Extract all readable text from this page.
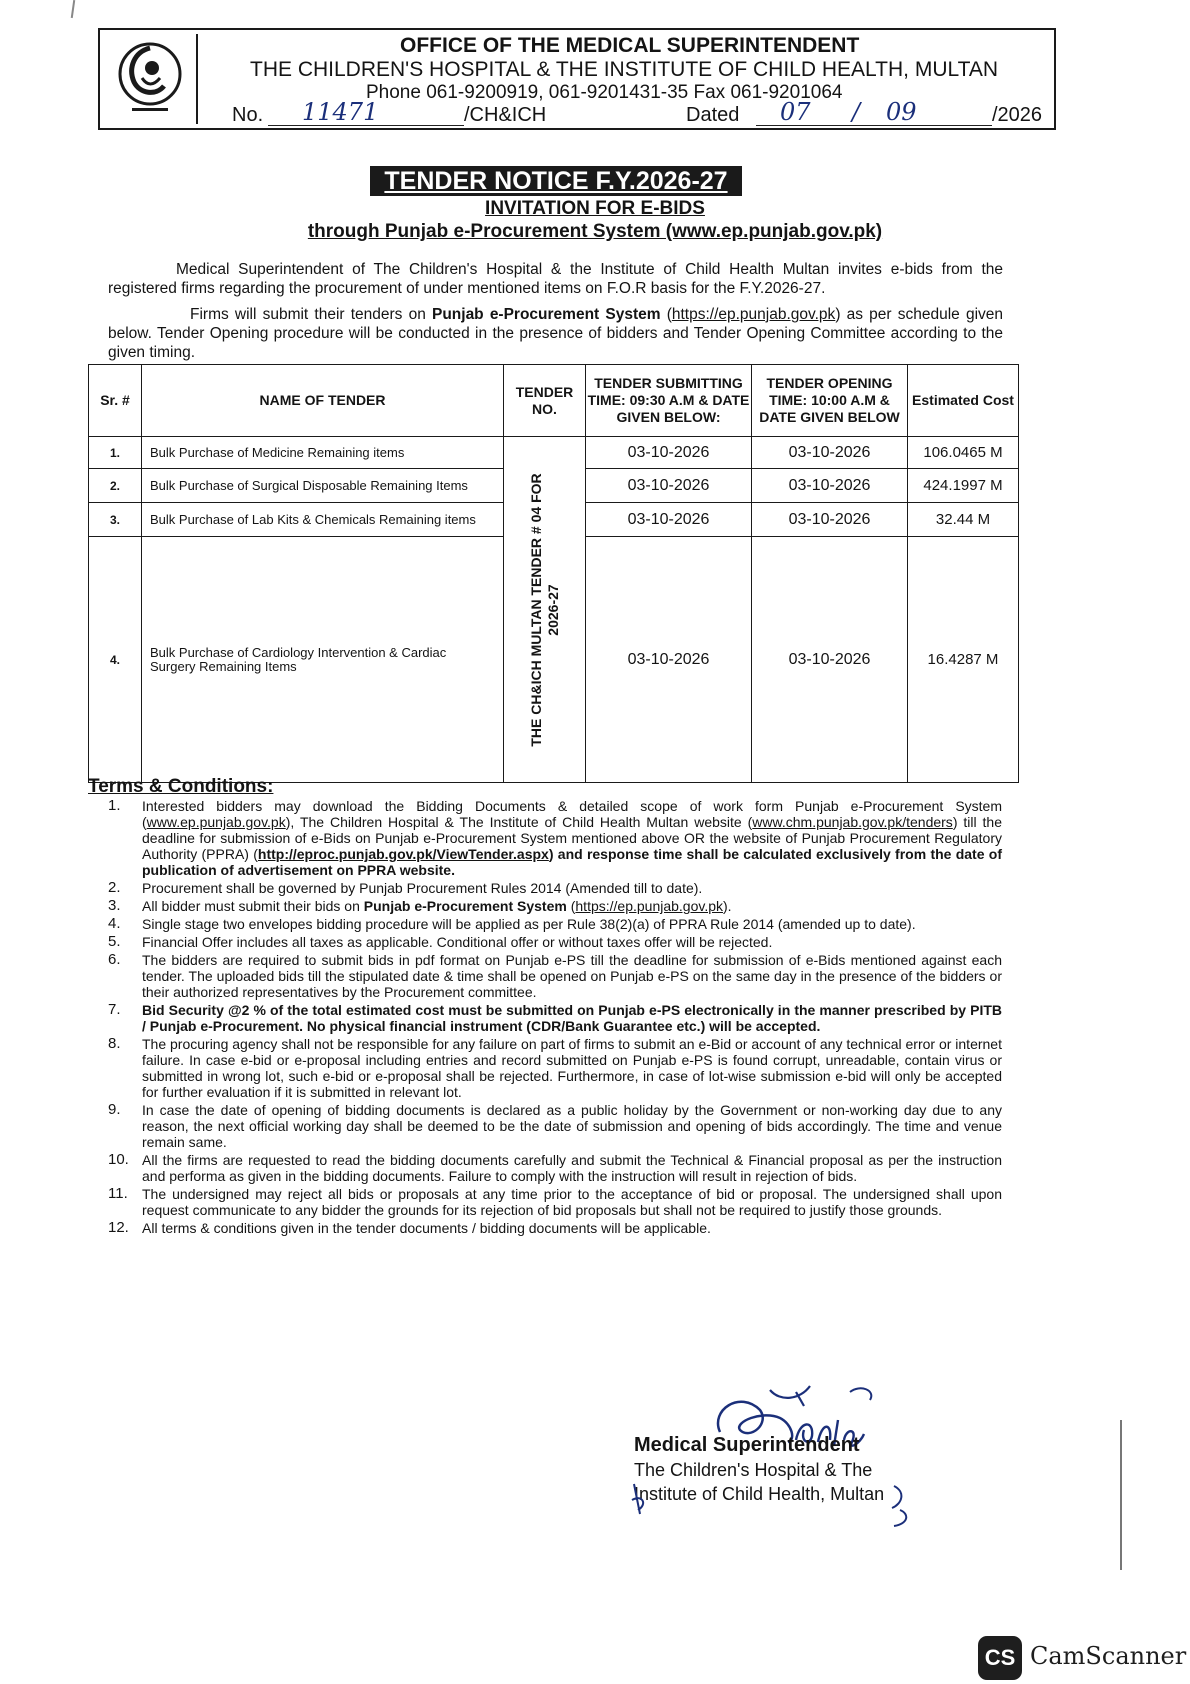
OFFICE OF THE MEDICAL SUPERINTENDENT
THE CHILDREN'S HOSPITAL & THE INSTITUTE OF CHILD HEALTH, MULTAN
Phone 061-9200919, 061-9201431-35 Fax 061-9201064
No. 11471	/CH&ICH	Dated 07 / 09	/2026
TENDER NOTICE F.Y.2026-27
INVITATION FOR E-BIDS
through Punjab e-Procurement System (www.ep.punjab.gov.pk)
Medical Superintendent of The Children's Hospital & the Institute of Child Health Multan invites e-bids from the registered firms regarding the procurement of under mentioned items on F.O.R basis for the F.Y.2026-27.
Firms will submit their tenders on Punjab e-Procurement System (https://ep.punjab.gov.pk) as per schedule given below. Tender Opening procedure will be conducted in the presence of bidders and Tender Opening Committee according to the given timing.
Sr. #	NAME OF TENDER	TENDER NO.	TENDER SUBMITTING TIME: 09:30 A.M & DATE GIVEN BELOW:	TENDER OPENING TIME: 10:00 A.M & DATE GIVEN BELOW	Estimated Cost
1.	Bulk Purchase of Medicine Remaining items	THE CH&ICH MULTAN TENDER # 04 FOR 2026-27	03-10-2026	03-10-2026	106.0465 M
2.	Bulk Purchase of Surgical Disposable Remaining Items		03-10-2026	03-10-2026	424.1997 M
3.	Bulk Purchase of Lab Kits & Chemicals Remaining items		03-10-2026	03-10-2026	32.44 M
4.	Bulk Purchase of Cardiology Intervention & Cardiac Surgery Remaining Items		03-10-2026	03-10-2026	16.4287 M
Terms & Conditions:
1. Interested bidders may download the Bidding Documents & detailed scope of work form Punjab e-Procurement System (www.ep.punjab.gov.pk), The Children Hospital & The Institute of Child Health Multan website (www.chm.punjab.gov.pk/tenders) till the deadline for submission of e-Bids on Punjab e-Procurement System mentioned above OR the website of Punjab Procurement Regulatory Authority (PPRA) (http://eproc.punjab.gov.pk/ViewTender.aspx) and response time shall be calculated exclusively from the date of publication of advertisement on PPRA website.
2. Procurement shall be governed by Punjab Procurement Rules 2014 (Amended till to date).
3. All bidder must submit their bids on Punjab e-Procurement System (https://ep.punjab.gov.pk).
4. Single stage two envelopes bidding procedure will be applied as per Rule 38(2)(a) of PPRA Rule 2014 (amended up to date).
5. Financial Offer includes all taxes as applicable. Conditional offer or without taxes offer will be rejected.
6. The bidders are required to submit bids in pdf format on Punjab e-PS till the deadline for submission of e-Bids mentioned against each tender. The uploaded bids till the stipulated date & time shall be opened on Punjab e-PS on the same day in the presence of the bidders or their authorized representatives by the Procurement committee.
7. Bid Security @2 % of the total estimated cost must be submitted on Punjab e-PS electronically in the manner prescribed by PITB / Punjab e-Procurement. No physical financial instrument (CDR/Bank Guarantee etc.) will be accepted.
8. The procuring agency shall not be responsible for any failure on part of firms to submit an e-Bid or account of any technical error or internet failure. In case e-bid or e-proposal including entries and record submitted on Punjab e-PS is found corrupt, unreadable, contain virus or submitted in wrong lot, such e-bid or e-proposal shall be rejected. Furthermore, in case of lot-wise submission e-bid will only be accepted for further evaluation if it is submitted in relevant lot.
9. In case the date of opening of bidding documents is declared as a public holiday by the Government or non-working day due to any reason, the next official working day shall be deemed to be the date of submission and opening of bids accordingly. The time and venue remain same.
10. All the firms are requested to read the bidding documents carefully and submit the Technical & Financial proposal as per the instruction and performa as given in the bidding documents. Failure to comply with the instruction will result in rejection of bids.
11. The undersigned may reject all bids or proposals at any time prior to the acceptance of bid or proposal. The undersigned shall upon request communicate to any bidder the grounds for its rejection of bid proposals but shall not be required to justify those grounds.
12. All terms & conditions given in the tender documents / bidding documents will be applicable.
Medical Superintendent
The Children's Hospital & The
Institute of Child Health, Multan
CS CamScanner
